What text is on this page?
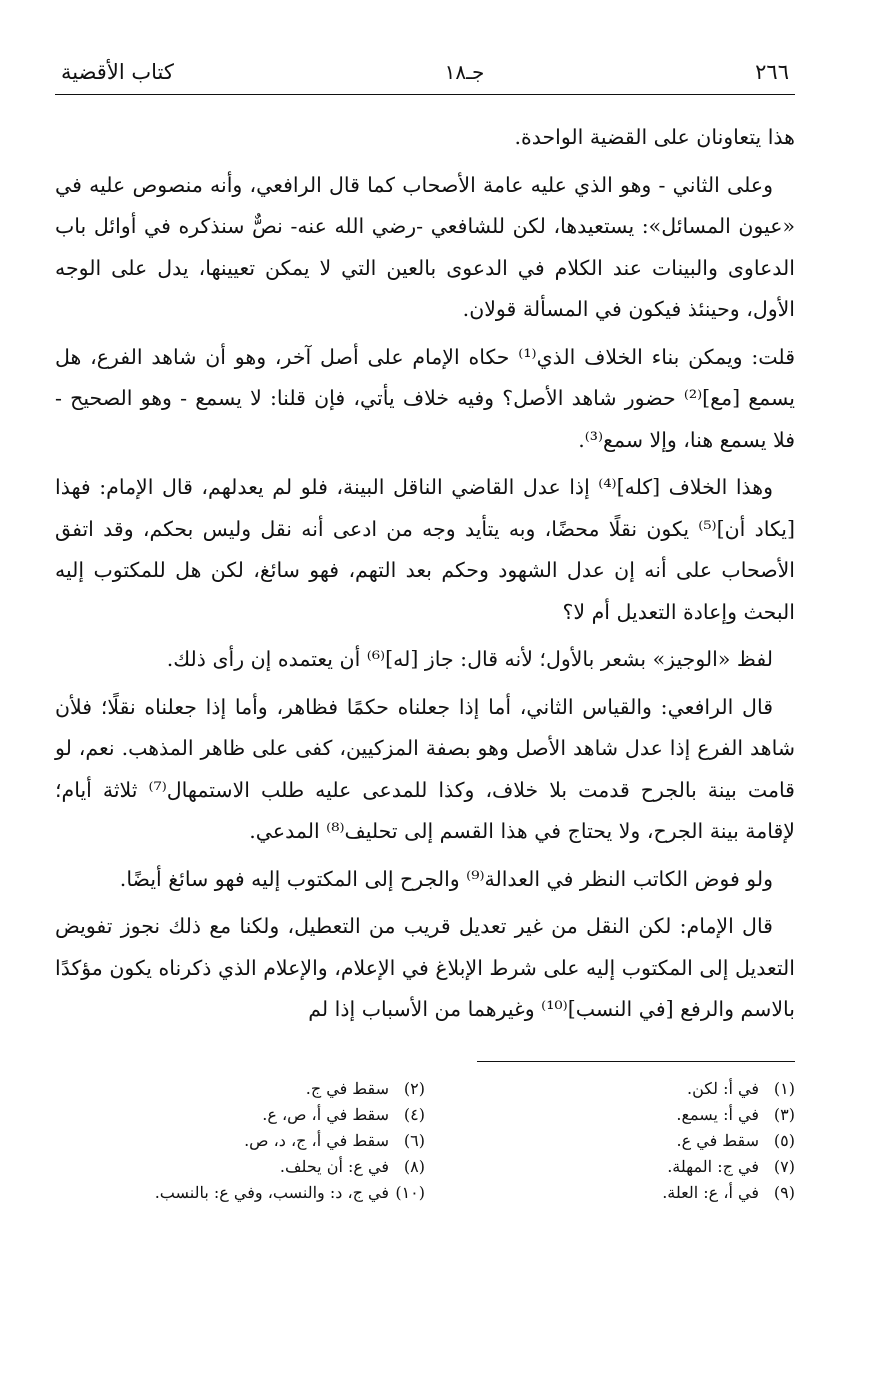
٢٦٦
جـ١٨
كتاب الأقضية

هذا يتعاونان على القضية الواحدة.

وعلى الثاني - وهو الذي عليه عامة الأصحاب كما قال الرافعي، وأنه منصوص عليه في «عيون المسائل»: يستعيدها، لكن للشافعي -رضي الله عنه- نصٌّ سنذكره في أوائل باب الدعاوى والبينات عند الكلام في الدعوى بالعين التي لا يمكن تعيينها، يدل على الوجه الأول، وحينئذ فيكون في المسألة قولان.

قلت: ويمكن بناء الخلاف الذي⁽¹⁾ حكاه الإمام على أصل آخر، وهو أن شاهد الفرع، هل يسمع [مع]⁽²⁾ حضور شاهد الأصل؟ وفيه خلاف يأتي، فإن قلنا: لا يسمع - وهو الصحيح - فلا يسمع هنا، وإلا سمع⁽³⁾.

وهذا الخلاف [كله]⁽⁴⁾ إذا عدل القاضي الناقل البينة، فلو لم يعدلهم، قال الإمام: فهذا [يكاد أن]⁽⁵⁾ يكون نقلًا محضًا، وبه يتأيد وجه من ادعى أنه نقل وليس بحكم، وقد اتفق الأصحاب على أنه إن عدل الشهود وحكم بعد التهم، فهو سائغ، لكن هل للمكتوب إليه البحث وإعادة التعديل أم لا؟

لفظ «الوجيز» بشعر بالأول؛ لأنه قال: جاز [له]⁽⁶⁾ أن يعتمده إن رأى ذلك.

قال الرافعي: والقياس الثاني، أما إذا جعلناه حكمًا فظاهر، وأما إذا جعلناه نقلًا؛ فلأن شاهد الفرع إذا عدل شاهد الأصل وهو بصفة المزكيين، كفى على ظاهر المذهب. نعم، لو قامت بينة بالجرح قدمت بلا خلاف، وكذا للمدعى عليه طلب الاستمهال⁽⁷⁾ ثلاثة أيام؛ لإقامة بينة الجرح، ولا يحتاج في هذا القسم إلى تحليف⁽⁸⁾ المدعي.

ولو فوض الكاتب النظر في العدالة⁽⁹⁾ والجرح إلى المكتوب إليه فهو سائغ أيضًا.

قال الإمام: لكن النقل من غير تعديل قريب من التعطيل، ولكنا مع ذلك نجوز تفويض التعديل إلى المكتوب إليه على شرط الإبلاغ في الإعلام، والإعلام الذي ذكرناه يكون مؤكدًا بالاسم والرفع [في النسب]⁽¹⁰⁾ وغيرهما من الأسباب إذا لم

(١)في أ: لكن.
(٢)سقط في ج.
(٣)في أ: يسمع.
(٤)سقط في أ، ص، ع.
(٥)سقط في ع.
(٦)سقط في أ، ج، د، ص.
(٧)في ج: المهلة.
(٨)في ع: أن يحلف.
(٩)في أ، ع: العلة.
(١٠)في ج، د: والنسب، وفي ع: بالنسب.
